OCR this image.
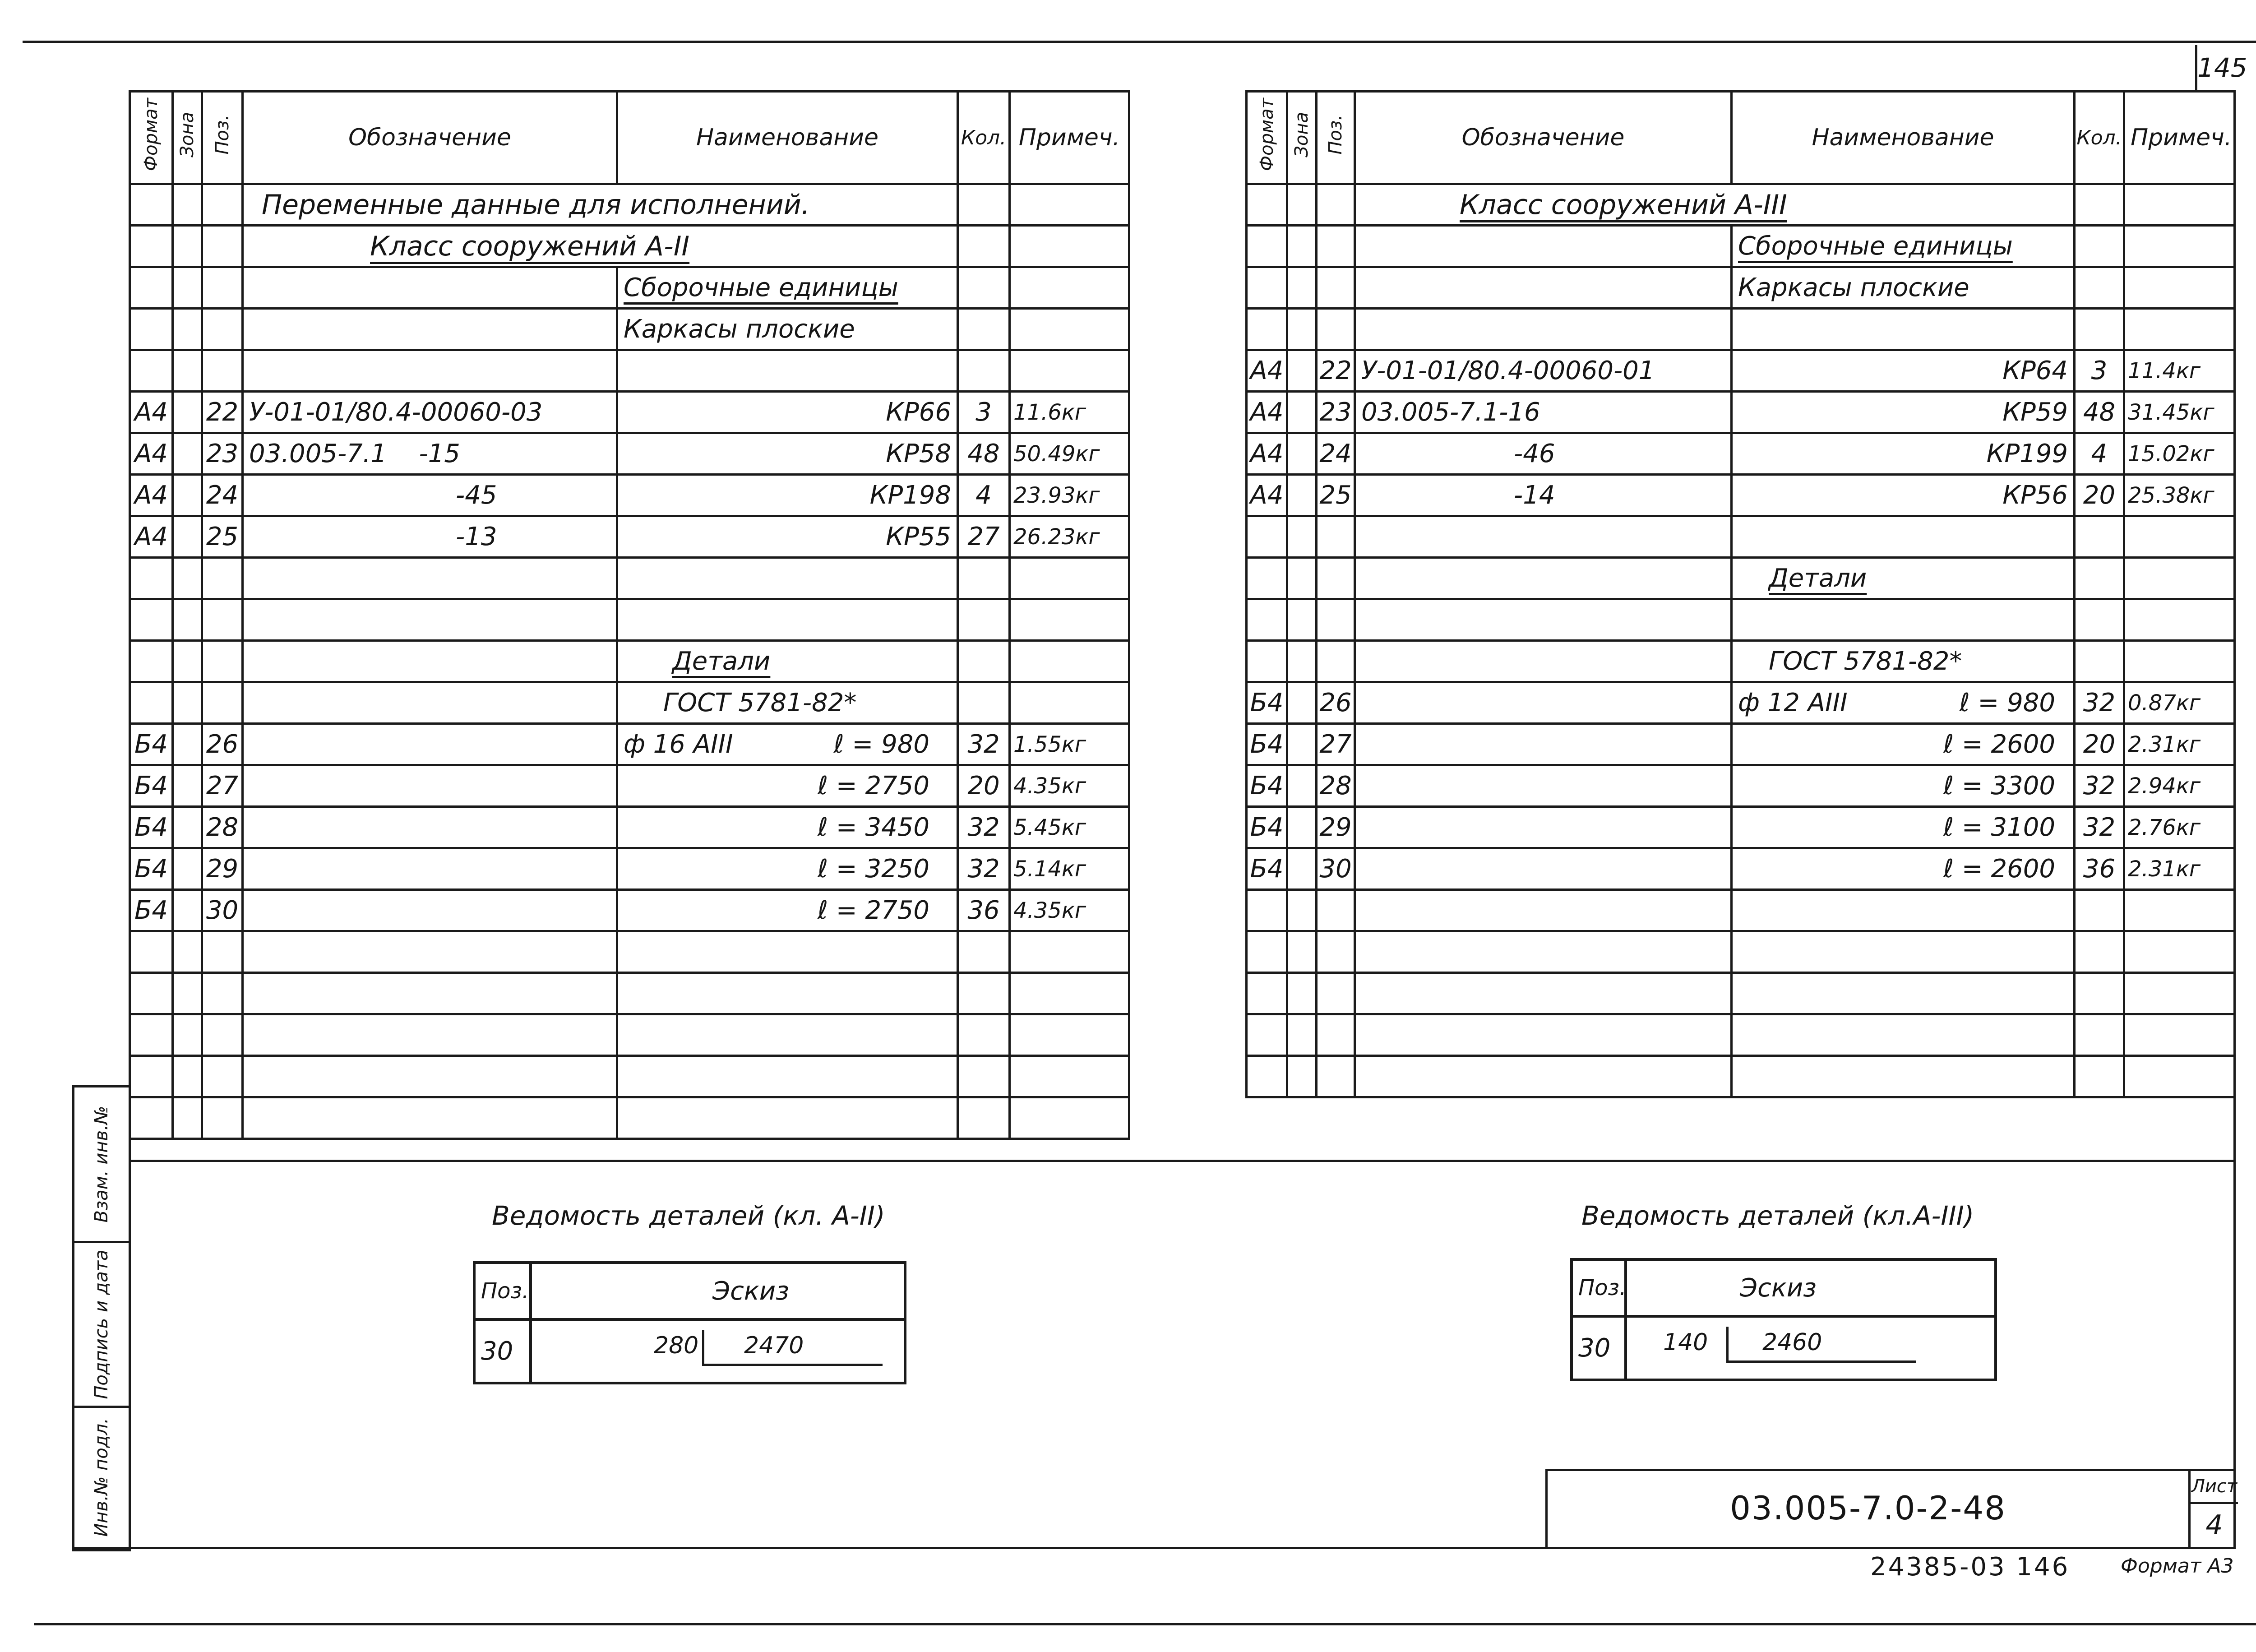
145
Взам. инв.№
Подпись и дата
Инв.№ подл.
Формат	Зона	Поз.	Обозначение	Наименование	Кол.	Примеч.
			Переменные данные для исполнений.			
			Класс сооружений А-II			
				Сборочные единицы		
				Каркасы плоские		

А4		22	У-01-01/80.4-00060-03	КР66	3	11.6кг
А4		23	03.005-7.1    -15	КР58	48	50.49кг
А4		24	-45	КР198	4	23.93кг
А4		25	-13	КР55	27	26.23кг

				Детали		
				ГОСТ 5781-82*		
Б4		26		ф 16 АIII ℓ = 980	32	1.55кг
Б4		27		ℓ = 2750	20	4.35кг
Б4		28		ℓ = 3450	32	5.45кг
Б4		29		ℓ = 3250	32	5.14кг
Б4		30		ℓ = 2750	36	4.35кг

Формат	Зона	Поз.	Обозначение	Наименование	Кол.	Примеч.
			Класс сооружений А-III			
				Сборочные единицы		
				Каркасы плоские		

А4		22	У-01-01/80.4-00060-01	КР64	3	11.4кг
А4		23	03.005-7.1-16	КР59	48	31.45кг
А4		24	-46	КР199	4	15.02кг
А4		25	-14	КР56	20	25.38кг

				Детали		

				ГОСТ 5781-82*		
Б4		26		ф 12 АIII ℓ = 980	32	0.87кг
Б4		27		ℓ = 2600	20	2.31кг
Б4		28		ℓ = 3300	32	2.94кг
Б4		29		ℓ = 3100	32	2.76кг
Б4		30		ℓ = 2600	36	2.31кг

Ведомость деталей (кл. А-II)
Поз.	Эскиз
30	280 2470
Ведомость деталей (кл.А-III)
Поз.	Эскиз
30	140 2460
03.005-7.0-2-48
Лист
4
24385-03 146	Формат А3
